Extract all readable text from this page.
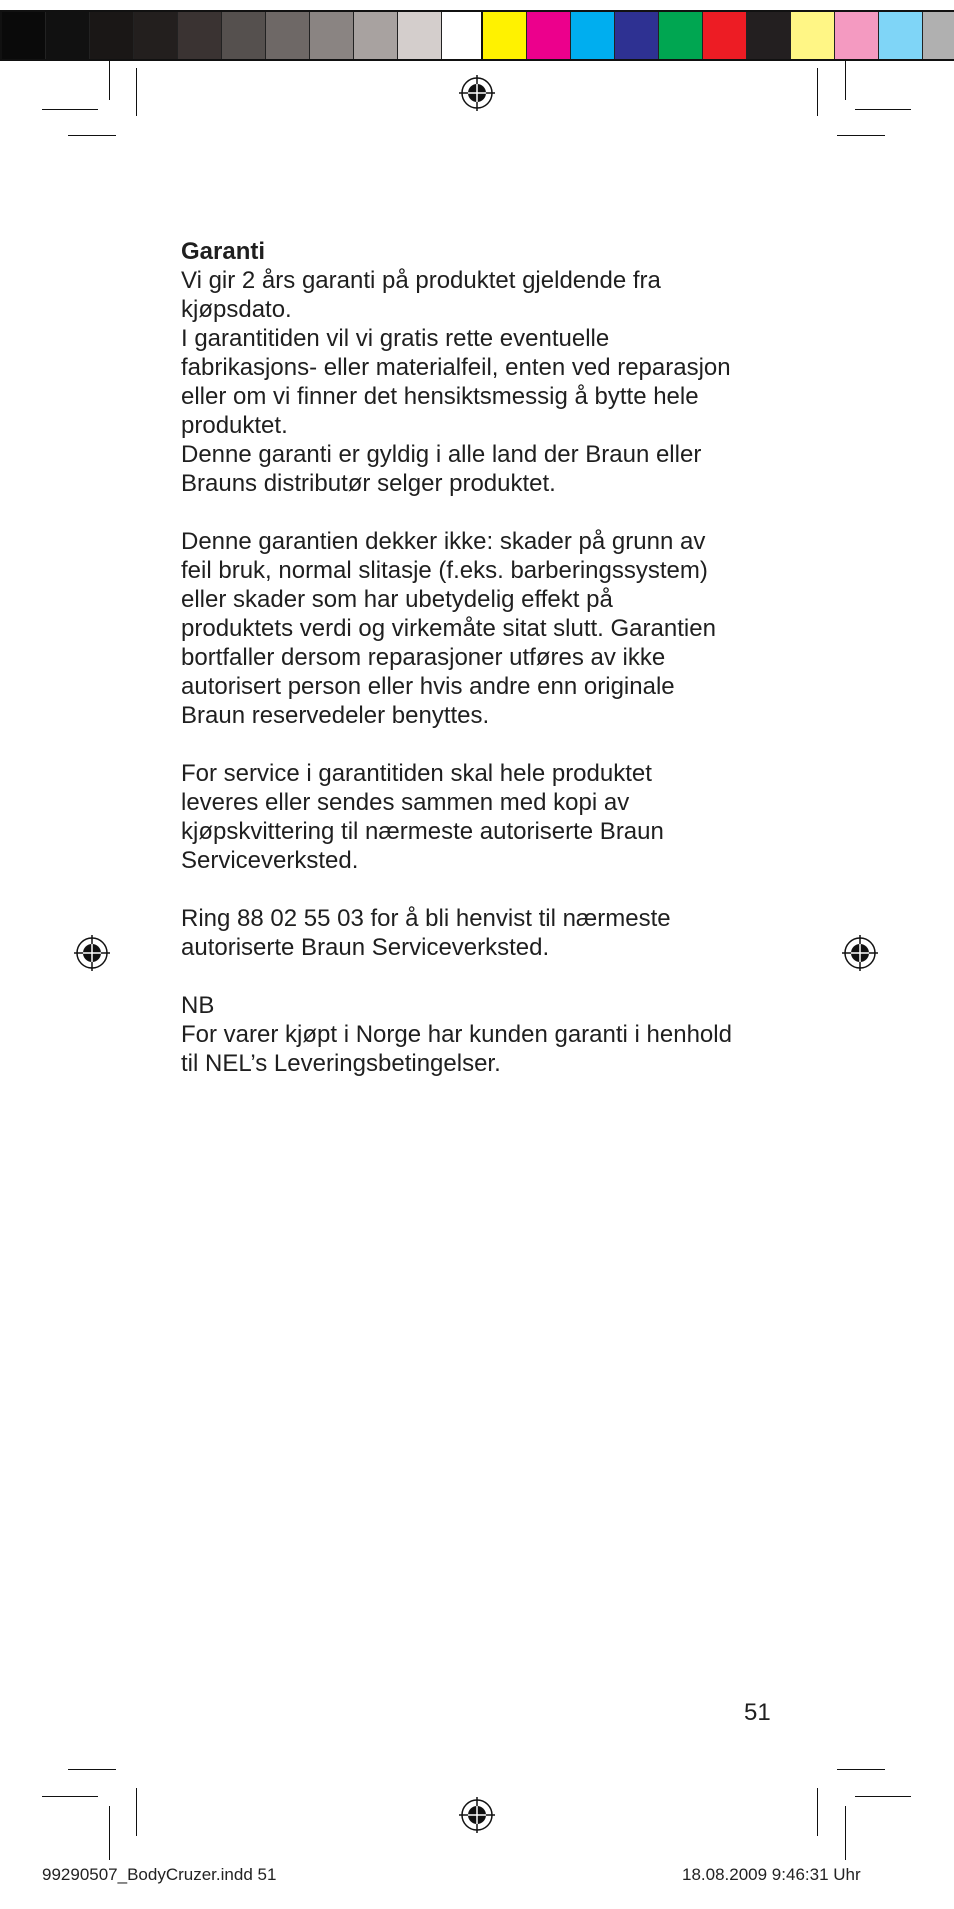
Garanti
Vi gir 2 års garanti på produktet gjeldende fra
kjøpsdato.
I garantitiden vil vi gratis rette eventuelle
fabrikasjons- eller materialfeil, enten ved reparasjon
eller om vi finner det hensiktsmessig å bytte hele
produktet.
Denne garanti er gyldig i alle land der Braun eller
Brauns distributør selger produktet.

Denne garantien dekker ikke: skader på grunn av
feil bruk, normal slitasje (f.eks. barberingssystem)
eller skader som har ubetydelig effekt på
produktets verdi og virkemåte sitat slutt. Garantien
bortfaller dersom reparasjoner utføres av ikke
autorisert person eller hvis andre enn originale
Braun reservedeler benyttes.

For service i garantitiden skal hele produktet
leveres eller sendes sammen med kopi av
kjøpskvittering til nærmeste autoriserte Braun
Serviceverksted.

Ring 88 02 55 03 for å bli henvist til nærmeste
autoriserte Braun Serviceverksted.

NB
For varer kjøpt i Norge har kunden garanti i henhold
til NEL’s Leveringsbetingelser.

51
99290507_BodyCruzer.indd 51	18.08.2009 9:46:31 Uhr
